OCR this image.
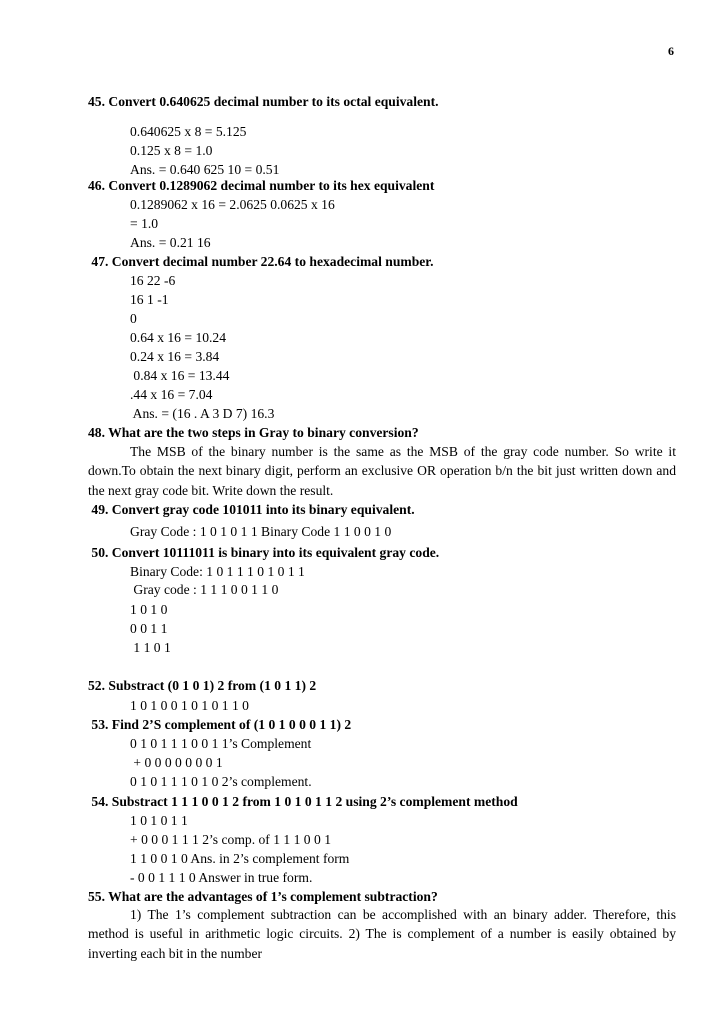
6
45. Convert 0.640625 decimal number to its octal equivalent.
0.640625 x 8 = 5.125
0.125 x 8 = 1.0
Ans. = 0.640 625 10 = 0.51
46. Convert 0.1289062 decimal number to its hex equivalent
0.1289062 x 16 = 2.0625 0.0625 x 16
= 1.0
Ans. = 0.21 16
47. Convert decimal number 22.64 to hexadecimal number.
16 22 -6
16 1 -1
0
0.64 x 16 = 10.24
0.24 x 16 = 3.84
0.84 x 16 = 13.44
.44 x 16 = 7.04
Ans. = (16 . A 3 D 7) 16.3
48. What are the two steps in Gray to binary conversion?
The MSB of the binary number is the same as the MSB of the gray code number. So write it down.To obtain the next binary digit, perform an exclusive OR operation b/n the bit just written down and the next gray code bit. Write down the result.
49. Convert gray code 101011 into its binary equivalent.
Gray Code : 1 0 1 0 1 1 Binary Code 1 1 0 0 1 0
50. Convert 10111011 is binary into its equivalent gray code.
Binary Code: 1 0 1 1 1 0 1 0 1 1
Gray code : 1 1 1 0 0 1 1 0
1 0 1 0
0 0 1 1
1 1 0 1
52. Substract (0 1 0 1) 2 from (1 0 1 1) 2
1 0 1 0 0 1 0 1 0 1 1 0
53. Find 2’S complement of (1 0 1 0 0 0 1 1) 2
0 1 0 1 1 1 0 0 1 1’s Complement
+ 0 0 0 0 0 0 0 1
0 1 0 1 1 1 0 1 0 2’s complement.
54. Substract 1 1 1 0 0 1 2 from 1 0 1 0 1 1 2 using 2’s complement method
1 0 1 0 1 1
+ 0 0 0 1 1 1 2’s comp. of 1 1 1 0 0 1
1 1 0 0 1 0 Ans. in 2’s complement form
- 0 0 1 1 1 0 Answer in true form.
55. What are the advantages of 1’s complement subtraction?
1) The 1’s complement subtraction can be accomplished with an binary adder. Therefore, this method is useful in arithmetic logic circuits. 2) The is complement of a number is easily obtained by inverting each bit in the number
